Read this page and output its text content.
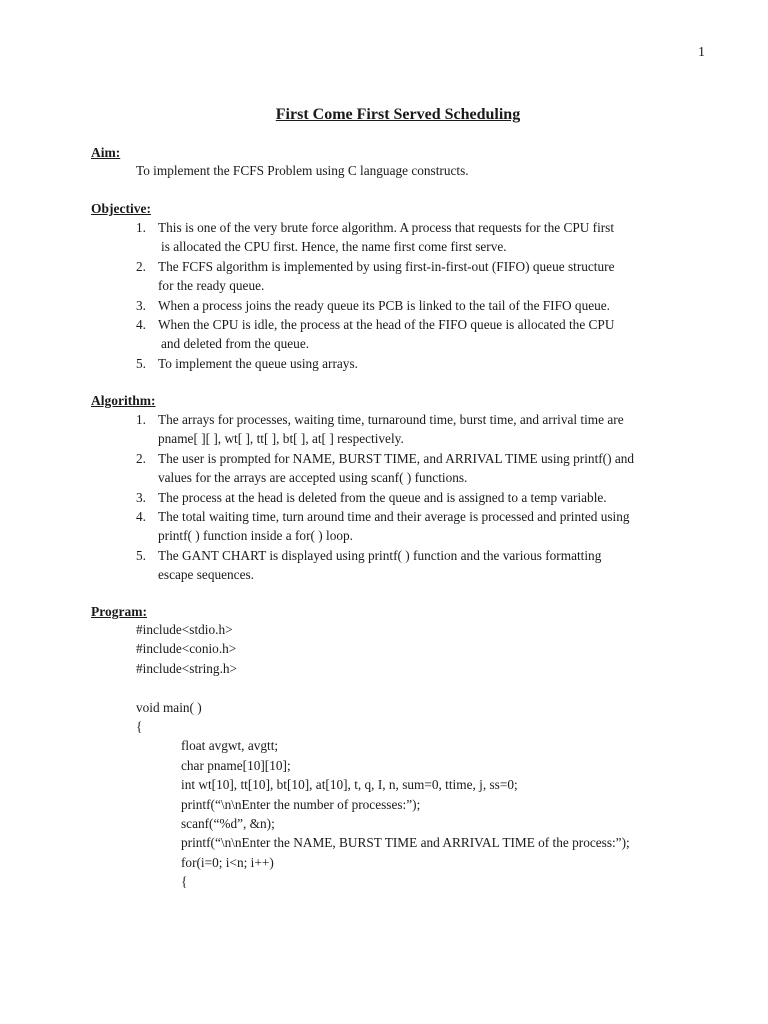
1
First Come First Served Scheduling
Aim:
To implement the FCFS Problem using C language constructs.
Objective:
1. This is one of the very brute force algorithm. A process that requests for the CPU first
is allocated the CPU first. Hence, the name first come first serve.
2. The FCFS algorithm is implemented by using first-in-first-out (FIFO) queue structure
for the ready queue.
3. When a process joins the ready queue its PCB is linked to the tail of the FIFO queue.
4. When the CPU is idle, the process at the head of the FIFO queue is allocated the CPU
and deleted from the queue.
5. To implement the queue using arrays.
Algorithm:
1. The arrays for processes, waiting time, turnaround time, burst time, and arrival time are
pname[ ][ ], wt[ ], tt[ ], bt[ ], at[ ] respectively.
2. The user is prompted for NAME, BURST TIME, and ARRIVAL TIME using printf() and
values for the arrays are accepted using scanf( ) functions.
3. The process at the head is deleted from the queue and is assigned to a temp variable.
4. The total waiting time, turn around time and their average is processed and printed using
printf( ) function inside a for( ) loop.
5. The GANT CHART is displayed using printf( ) function and the various formatting
escape sequences.
Program:
#include<stdio.h>
#include<conio.h>
#include<string.h>
void main( )
{
float avgwt, avgtt;
char pname[10][10];
int wt[10], tt[10], bt[10], at[10], t, q, I, n, sum=0, ttime, j, ss=0;
printf(“\n\nEnter the number of processes:”);
scanf(“%d”, &n);
printf(“\n\nEnter the NAME, BURST TIME and ARRIVAL TIME of the process:”);
for(i=0; i<n; i++)
{
